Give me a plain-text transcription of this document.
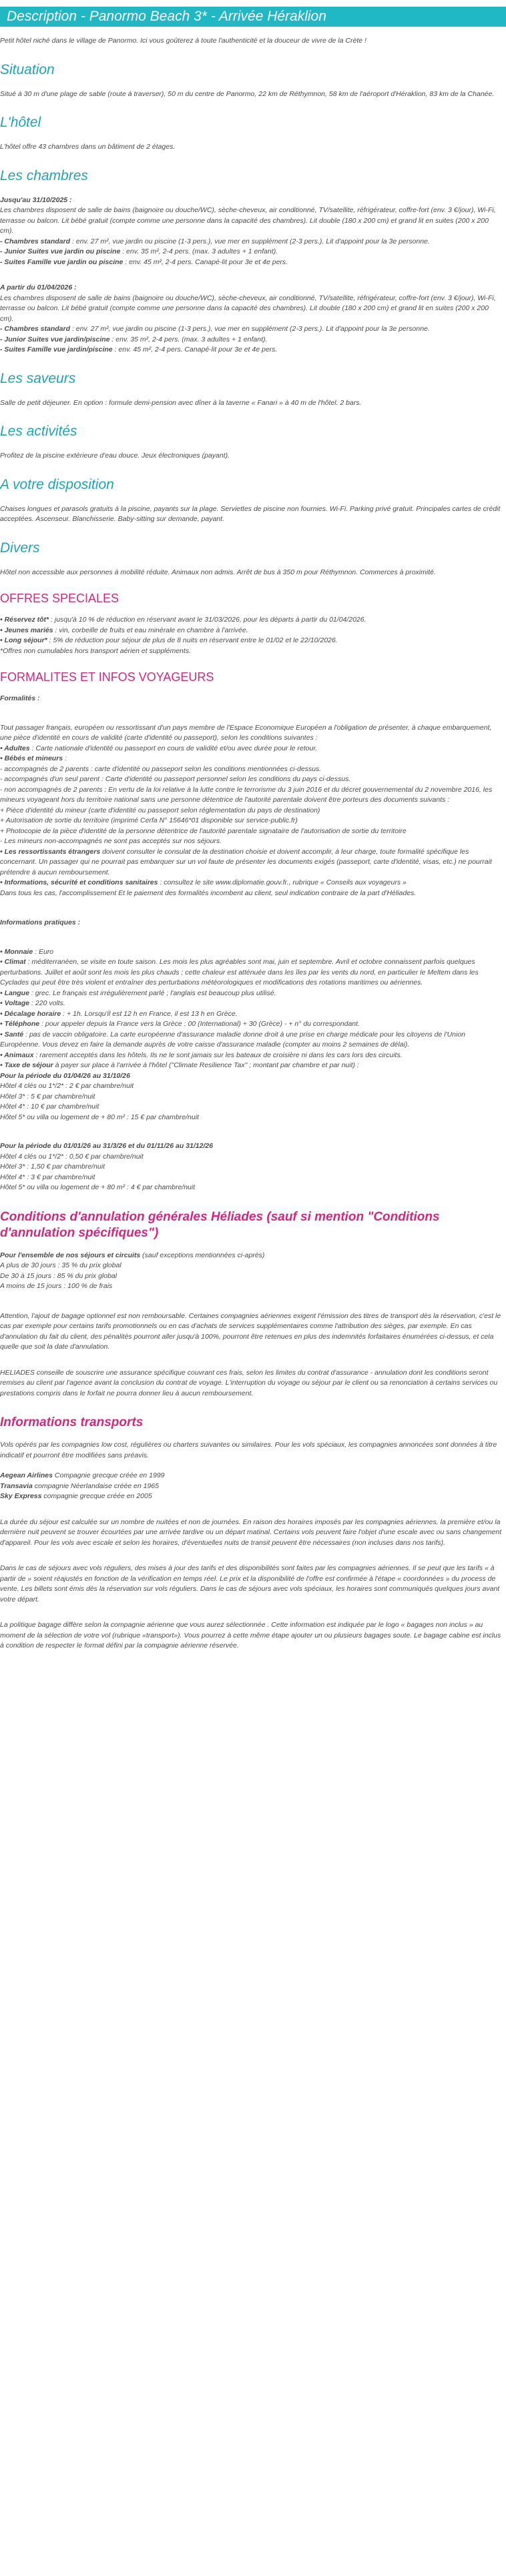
Description - Panormo Beach 3* - Arrivée Héraklion

Petit hôtel niché dans le village de Panormo. Ici vous goûterez à toute l'authenticité et la douceur de vivre de la Crète !

Situation

Situé à 30 m d'une plage de sable (route à traverser), 50 m du centre de Panormo, 22 km de Réthymnon, 58 km de l'aéroport d'Héraklion, 83 km de la Chanée.

L'hôtel

L'hôtel offre 43 chambres dans un bâtiment de 2 étages.

Les chambres
Jusqu'au 31/10/2025 :
Les chambres disposent de salle de bains (baignoire ou douche/WC), sèche-cheveux, air conditionné, TV/satellite, réfrigérateur, coffre-fort (env. 3 €/jour), Wi-Fi, terrasse ou balcon. Lit bébé gratuit (compte comme une personne dans la capacité des chambres). Lit double (180 x 200 cm) et grand lit en suites (200 x 200 cm).
- Chambres standard : env. 27 m², vue jardin ou piscine (1-3 pers.), vue mer en supplément (2-3 pers.). Lit d'appoint pour la 3e personne.
- Junior Suites vue jardin ou piscine : env. 35 m², 2-4 pers. (max. 3 adultes + 1 enfant).
- Suites Famille vue jardin ou piscine : env. 45 m², 2-4 pers. Canapé-lit pour 3e et 4e pers.
A partir du 01/04/2026 :
Les chambres disposent de salle de bains (baignoire ou douche/WC), sèche-cheveux, air conditionné, TV/satellite, réfrigérateur, coffre-fort (env. 3 €/jour), Wi-Fi, terrasse ou balcon. Lit bébé gratuit (compte comme une personne dans la capacité des chambres). Lit double (180 x 200 cm) et grand lit en suites (200 x 200 cm).
- Chambres standard : env. 27 m², vue jardin ou piscine (1-3 pers.), vue mer en supplément (2-3 pers.). Lit d'appoint pour la 3e personne.
- Junior Suites vue jardin/piscine : env. 35 m², 2-4 pers. (max. 3 adultes + 1 enfant).
- Suites Famille vue jardin/piscine : env. 45 m², 2-4 pers. Canapé-lit pour 3e et 4e pers.
Les saveurs

Salle de petit déjeuner. En option : formule demi-pension avec dîner à la taverne « Fanari » à 40 m de l'hôtel. 2 bars.

Les activités

Profitez de la piscine extérieure d'eau douce. Jeux électroniques (payant).

A votre disposition

Chaises longues et parasols gratuits à la piscine, payants sur la plage. Serviettes de piscine non fournies. Wi-Fi. Parking privé gratuit. Principales cartes de crédit acceptées. Ascenseur. Blanchisserie. Baby-sitting sur demande, payant.

Divers

Hôtel non accessible aux personnes à mobilité réduite. Animaux non admis. Arrêt de bus à 350 m pour Réthymnon. Commerces à proximité.

OFFRES SPECIALES
• Réservez tôt* : jusqu'à 10 % de réduction en réservant avant le 31/03/2026, pour les départs à partir du 01/04/2026.
• Jeunes mariés : vin, corbeille de fruits et eau minérale en chambre à l'arrivée.
• Long séjour* : 5% de réduction pour séjour de plus de 8 nuits en réservant entre le 01/02 et le 22/10/2026.
*Offres non cumulables hors transport aérien et suppléments.
FORMALITES ET INFOS VOYAGEURS
Formalités :
Tout passager français, européen ou ressortissant d'un pays membre de l'Espace Economique Européen a l'obligation de présenter, à chaque embarquement, une pièce d'identité en cours de validité (carte d'identité ou passeport), selon les conditions suivantes :
• Adultes : Carte nationale d'identité ou passeport en cours de validité et/ou avec durée pour le retour.
• Bébés et mineurs :
- accompagnés de 2 parents : carte d'identité ou passeport selon les conditions mentionnées ci-dessus.
- accompagnés d'un seul parent : Carte d'identité ou passeport personnel selon les conditions du pays ci-dessus.
- non accompagnés de 2 parents : En vertu de la loi relative à la lutte contre le terrorisme du 3 juin 2016 et du décret gouvernemental du 2 novembre 2016, les mineurs voyageant hors du territoire national sans une personne détentrice de l'autorité parentale doivent être porteurs des documents suivants :
+ Pièce d'identité du mineur (carte d'identité ou passeport selon réglementation du pays de destination)
+ Autorisation de sortie du territoire (imprimé Cerfa N° 15646*01 disponible sur service-public.fr)
+ Photocopie de la pièce d'identité de la personne détentrice de l'autorité parentale signataire de l'autorisation de sortie du territoire
- Les mineurs non-accompagnés ne sont pas acceptés sur nos séjours.
• Les ressortissants étrangers doivent consulter le consulat de la destination choisie et doivent accomplir, à leur charge, toute formalité spécifique les concernant. Un passager qui ne pourrait pas embarquer sur un vol faute de présenter les documents exigés (passeport, carte d'identité, visas, etc.) ne pourrait prétendre à aucun remboursement.
• Informations, sécurité et conditions sanitaires : consultez le site www.diplomatie.gouv.fr., rubrique « Conseils aux voyageurs »
Dans tous les cas, l'accomplissement Et le paiement des formalités incombent au client, seul indication contraire de la part d'Héliades.
Informations pratiques :
• Monnaie : Euro
• Climat : méditerranéen, se visite en toute saison. Les mois les plus agréables sont mai, juin et septembre. Avril et octobre connaissent parfois quelques perturbations. Juillet et août sont les mois les plus chauds ; cette chaleur est atténuée dans les îles par les vents du nord, en particulier le Meltem dans les Cyclades qui peut être très violent et entraîner des perturbations météorologiques et modifications des rotations maritimes ou aériennes.
• Langue : grec. Le français est irrégulièrement parlé ; l'anglais est beaucoup plus utilisé.
• Voltage : 220 volts.
• Décalage horaire : + 1h. Lorsqu'il est 12 h en France, il est 13 h en Grèce.
• Téléphone : pour appeler depuis la France vers la Grèce : 00 (International) + 30 (Grèce) - + n° du correspondant.
• Santé : pas de vaccin obligatoire. La carte européenne d'assurance maladie donne droit à une prise en charge médicale pour les citoyens de l'Union Européenne. Vous devez en faire la demande auprès de votre caisse d'assurance maladie (compter au moins 2 semaines de délai).
• Animaux : rarement acceptés dans les hôtels. Ils ne le sont jamais sur les bateaux de croisière ni dans les cars lors des circuits.
• Taxe de séjour à payer sur place à l'arrivée à l'hôtel ("Climate Resilience Tax" ; montant par chambre et par nuit) :
Pour la période du 01/04/26 au 31/10/26
Hôtel 4 clés ou 1*/2* : 2 € par chambre/nuit
Hôtel 3* : 5 € par chambre/nuit
Hôtel 4* : 10 € par chambre/nuit
Hôtel 5* ou villa ou logement de + 80 m² : 15 € par chambre/nuit
Pour la période du 01/01/26 au 31/3/26 et du 01/11/26 au 31/12/26
Hôtel 4 clés ou 1*/2* : 0,50 € par chambre/nuit
Hôtel 3* : 1,50 € par chambre/nuit
Hôtel 4* : 3 € par chambre/nuit
Hôtel 5* ou villa ou logement de + 80 m² : 4 € par chambre/nuit
Conditions d'annulation générales Héliades (sauf si mention "Conditions d'annulation spécifiques")
Pour l'ensemble de nos séjours et circuits (sauf exceptions mentionnées ci-après)
A plus de 30 jours : 35 % du prix global
De 30 à 15 jours : 85 % du prix global
A moins de 15 jours : 100 % de frais

Attention, l'ajout de bagage optionnel est non remboursable. Certaines compagnies aériennes exigent l'émission des titres de transport dès la réservation, c'est le cas par exemple pour certains tarifs promotionnels ou en cas d'achats de services supplémentaires comme l'attribution des sièges, par exemple. En cas d'annulation du fait du client, des pénalités pourront aller jusqu'à 100%, pourront être retenues en plus des indemnités forfaitaires énumérées ci-dessus, et cela quelle que soit la date d'annulation.

HELIADES conseille de souscrire une assurance spécifique couvrant ces frais, selon les limites du contrat d'assurance - annulation dont les conditions seront remises au client par l'agence avant la conclusion du contrat de voyage. L'interruption du voyage ou séjour par le client ou sa renonciation à certains services ou prestations compris dans le forfait ne pourra donner lieu à aucun remboursement.

Informations transports

Vols opérés par les compagnies low cost, régulières ou charters suivantes ou similaires. Pour les vols spéciaux, les compagnies annoncées sont données à titre indicatif et pourront être modifiées sans préavis.

Aegean Airlines Compagnie grecque créée en 1999
Transavia compagnie Néerlandaise créée en 1965
Sky Express compagnie grecque créée en 2005

La durée du séjour est calculée sur un nombre de nuitées et non de journées. En raison des horaires imposés par les compagnies aériennes, la première et/ou la dernière nuit peuvent se trouver écourtées par une arrivée tardive ou un départ matinal. Certains vols peuvent faire l'objet d'une escale avec ou sans changement d'appareil. Pour les vols avec escale et selon les horaires, d'éventuelles nuits de transit peuvent être nécessaires (non incluses dans nos tarifs).

Dans le cas de séjours avec vols réguliers, des mises à jour des tarifs et des disponibilités sont faites par les compagnies aériennes. Il se peut que les tarifs « à partir de » soient réajustés en fonction de la vérification en temps réel. Le prix et la disponibilité de l'offre est confirmée à l'étape « coordonnées » du process de vente. Les billets sont émis dès la réservation sur vols réguliers. Dans le cas de séjours avec vols spéciaux, les horaires sont communiqués quelques jours avant votre départ.

La politique bagage diffère selon la compagnie aérienne que vous aurez sélectionnée . Cette information est indiquée par le logo « bagages non inclus » au moment de la sélection de votre vol (rubrique «transport»). Vous pourrez à cette même étape ajouter un ou plusieurs bagages soute. Le bagage cabine est inclus à condition de respecter le format défini par la compagnie aérienne réservée.
